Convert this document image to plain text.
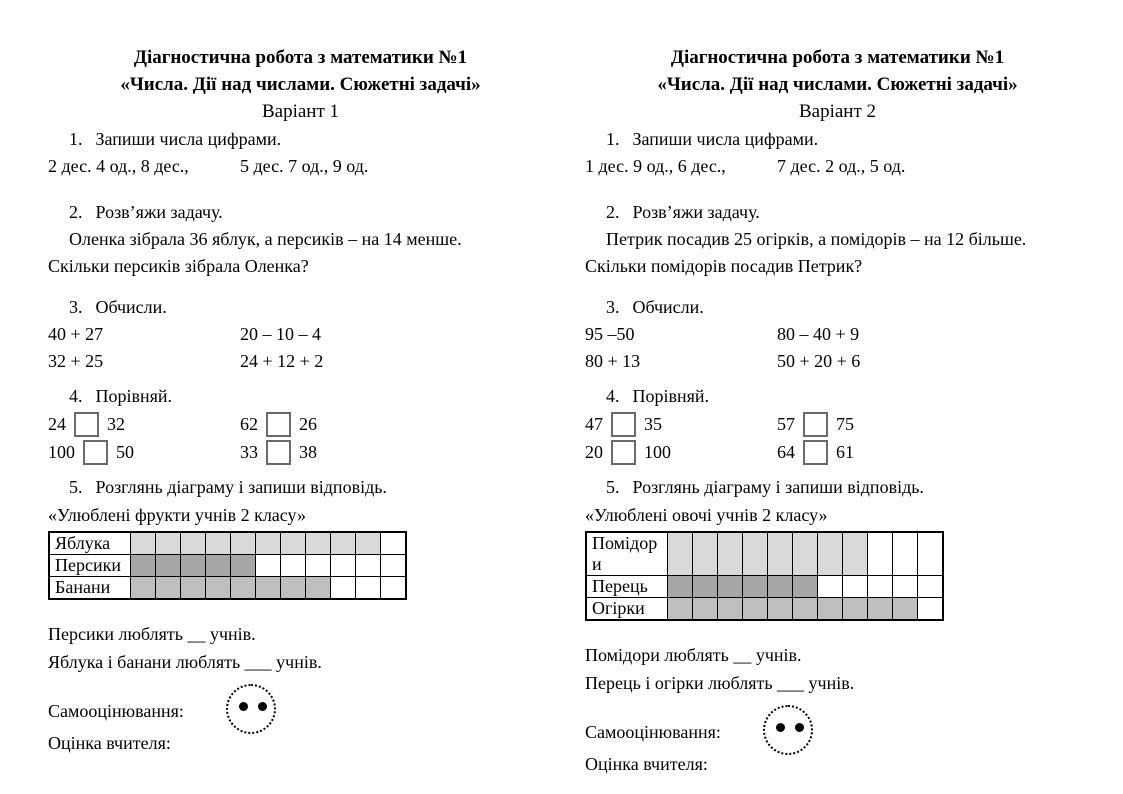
Діагностична робота з математики №1
«Числа. Дії над числами. Сюжетні задачі»
Варіант 1
1. Запиши числа цифрами.
2 дес. 4 од., 8 дес.,	5 дес. 7 од., 9 од.
2. Розв’яжи задачу.
Оленка зібрала 36 яблук, а персиків – на 14 менше.
Скільки персиків зібрала Оленка?
3. Обчисли.
40 + 27	20 – 10 – 4
32 + 25	24 + 12 + 2
4. Порівняй.
24 32	62 26
100 50	33 38
5. Розглянь діаграму і запиши відповідь.
«Улюблені фрукти учнів 2 класу»
Яблука
Персики
Банани
Персики люблять __ учнів.
Яблука і банани люблять ___ учнів.
Самооцінювання:
Оцінка вчителя:
Діагностична робота з математики №1
«Числа. Дії над числами. Сюжетні задачі»
Варіант 2
1. Запиши числа цифрами.
1 дес. 9 од., 6 дес.,	7 дес. 2 од., 5 од.
2. Розв’яжи задачу.
Петрик посадив 25 огірків, а помідорів – на 12 більше.
Скільки помідорів посадив Петрик?
3. Обчисли.
95 –50	80 – 40 + 9
80 + 13	50 + 20 + 6
4. Порівняй.
47 35	57 75
20 100	64 61
5. Розглянь діаграму і запиши відповідь.
«Улюблені овочі учнів 2 класу»
Помідори
Перець
Огірки
Помідори люблять __ учнів.
Перець і огірки люблять ___ учнів.
Самооцінювання:
Оцінка вчителя:
